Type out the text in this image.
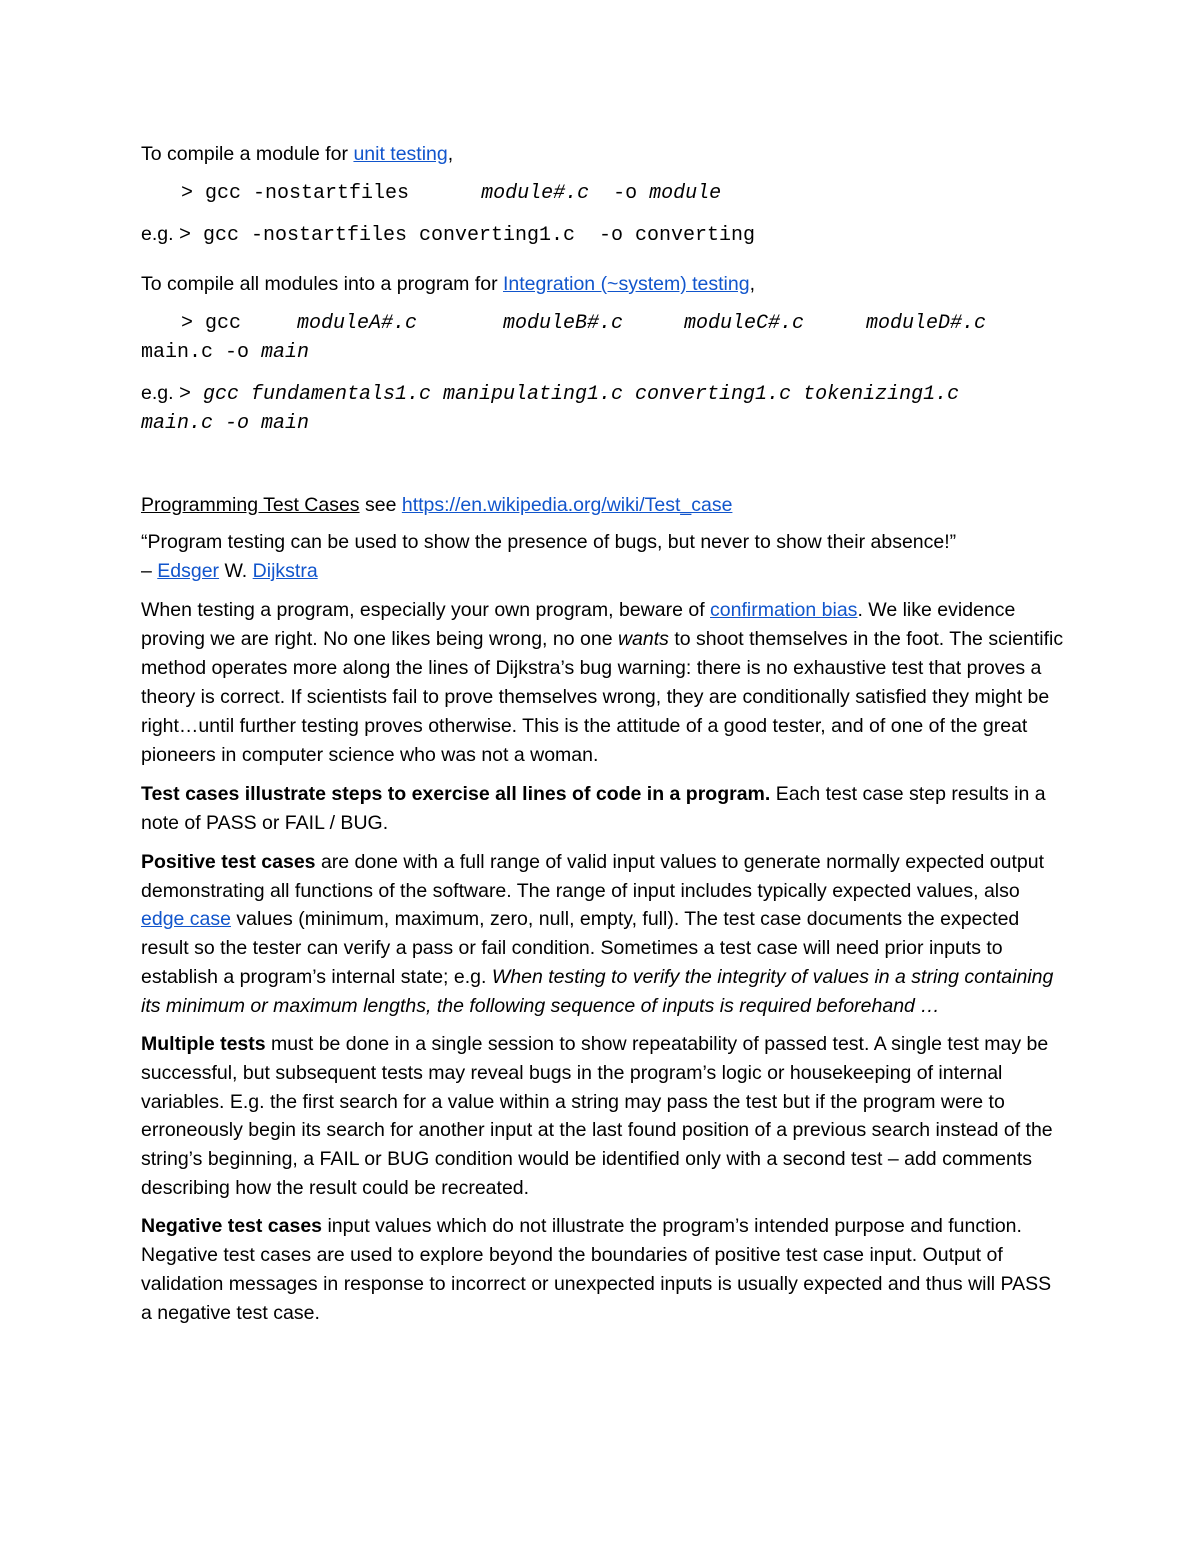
To compile a module for unit testing,

> gcc -nostartfiles	module#.c -o module

e.g. > gcc -nostartfiles converting1.c  -o converting

To compile all modules into a program for Integration (~system) testing,

> gcc	moduleA#.c	moduleB#.c	moduleC#.c	moduleD#.c
main.c -o main
e.g. > gcc fundamentals1.c manipulating1.c converting1.c tokenizing1.c
main.c -o main

Programming Test Cases see https://en.wikipedia.org/wiki/Test_case

“Program testing can be used to show the presence of bugs, but never to show their absence!”
– Edsger W. Dijkstra

When testing a program, especially your own program, beware of confirmation bias. We like evidence proving we are right. No one likes being wrong, no one wants to shoot themselves in the foot. The scientific method operates more along the lines of Dijkstra’s bug warning: there is no exhaustive test that proves a theory is correct. If scientists fail to prove themselves wrong, they are conditionally satisfied they might be right…until further testing proves otherwise. This is the attitude of a good tester, and of one of the great pioneers in computer science who was not a woman.

Test cases illustrate steps to exercise all lines of code in a program. Each test case step results in a note of PASS or FAIL / BUG.

Positive test cases are done with a full range of valid input values to generate normally expected output demonstrating all functions of the software. The range of input includes typically expected values, also edge case values (minimum, maximum, zero, null, empty, full). The test case documents the expected result so the tester can verify a pass or fail condition. Sometimes a test case will need prior inputs to establish a program’s internal state; e.g. When testing to verify the integrity of values in a string containing its minimum or maximum lengths, the following sequence of inputs is required beforehand …

Multiple tests must be done in a single session to show repeatability of passed test. A single test may be successful, but subsequent tests may reveal bugs in the program’s logic or housekeeping of internal variables. E.g. the first search for a value within a string may pass the test but if the program were to erroneously begin its search for another input at the last found position of a previous search instead of the string’s beginning, a FAIL or BUG condition would be identified only with a second test – add comments describing how the result could be recreated.

Negative test cases input values which do not illustrate the program’s intended purpose and function. Negative test cases are used to explore beyond the boundaries of positive test case input. Output of validation messages in response to incorrect or unexpected inputs is usually expected and thus will PASS a negative test case.
